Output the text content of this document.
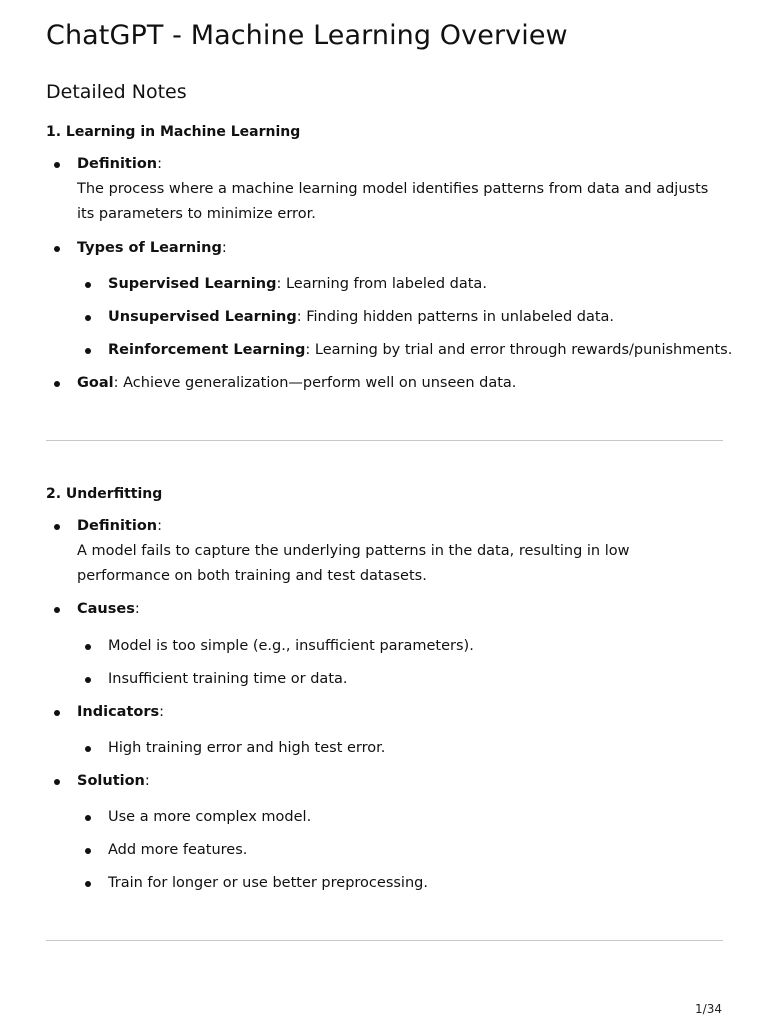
ChatGPT - Machine Learning Overview
Detailed Notes

1. Learning in Machine Learning

Definition:
The process where a machine learning model identifies patterns from data and adjusts its parameters to minimize error.
Types of Learning:
Supervised Learning: Learning from labeled data.
Unsupervised Learning: Finding hidden patterns in unlabeled data.
Reinforcement Learning: Learning by trial and error through rewards/punishments.
Goal: Achieve generalization—perform well on unseen data.

2. Underfitting

Definition:
A model fails to capture the underlying patterns in the data, resulting in low performance on both training and test datasets.
Causes:
Model is too simple (e.g., insufficient parameters).
Insufficient training time or data.
Indicators:
High training error and high test error.
Solution:
Use a more complex model.
Add more features.
Train for longer or use better preprocessing.
1/34
